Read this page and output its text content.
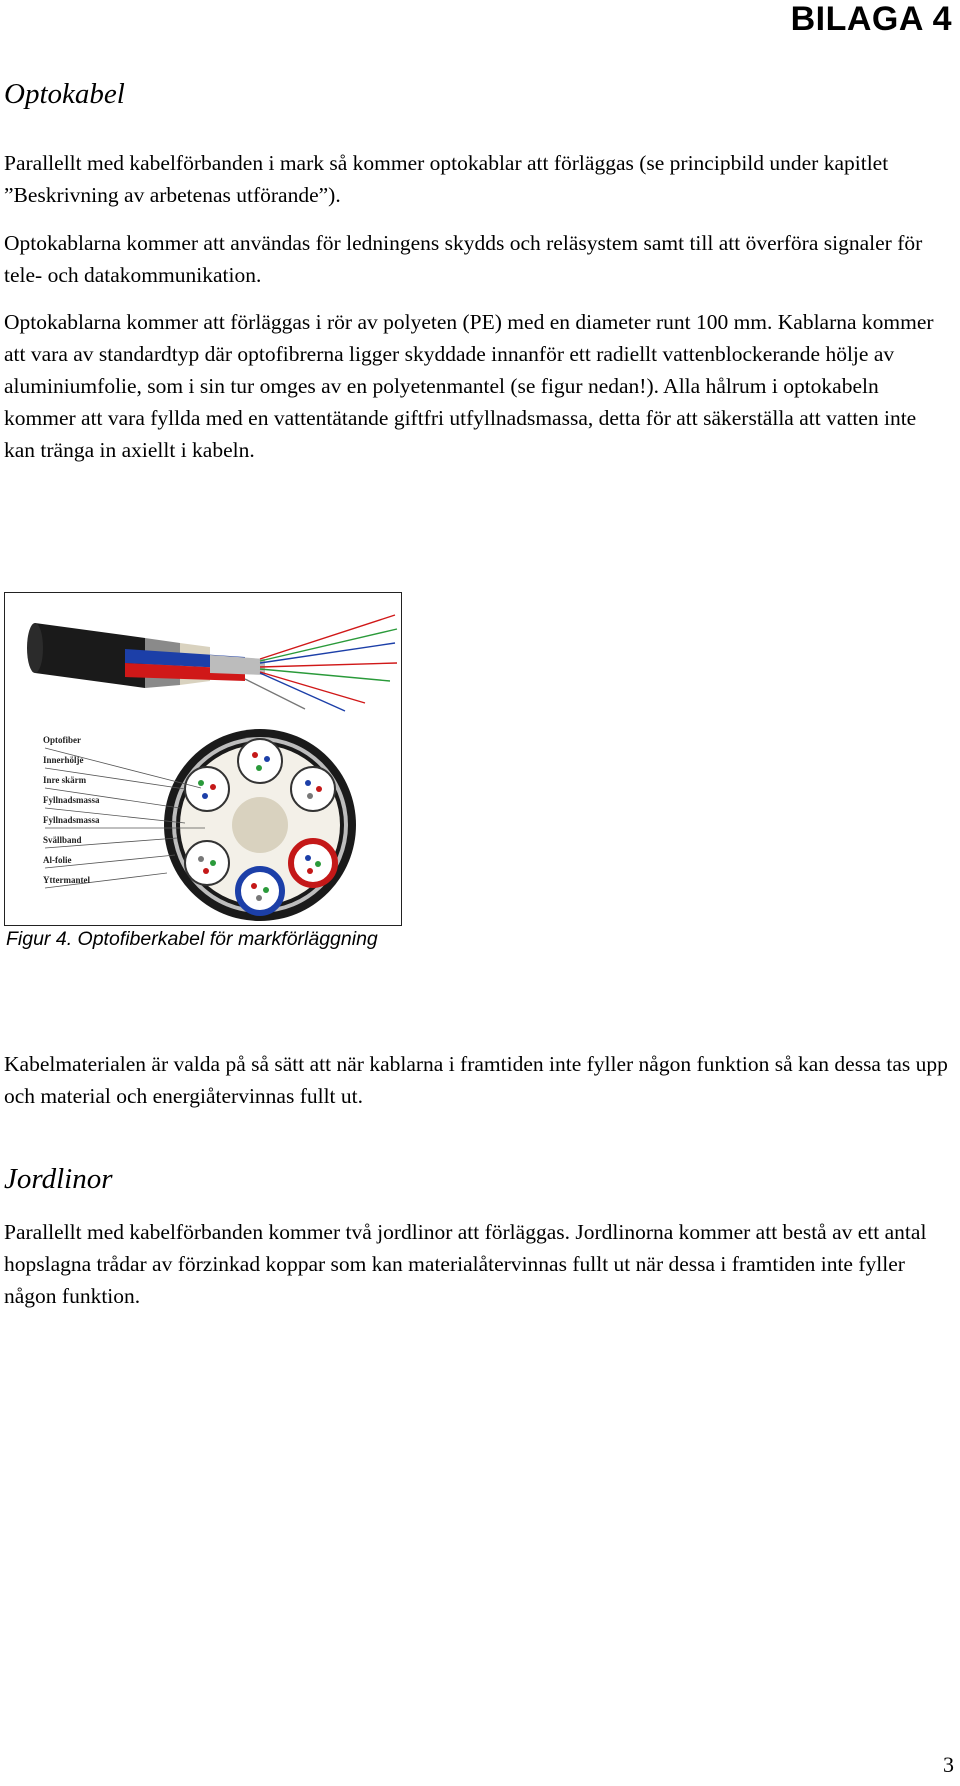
BILAGA 4
Optokabel

Parallellt med kabelförbanden i mark så kommer optokablar att förläggas (se principbild under kapitlet ”Beskrivning av arbetenas utförande”).

Optokablarna kommer att användas för ledningens skydds och reläsystem samt till att överföra signaler för tele- och datakommunikation.

Optokablarna kommer att förläggas i rör av polyeten (PE) med en diameter runt 100 mm. Kablarna kommer att vara av standardtyp där optofibrerna ligger skyddade innanför ett radiellt vattenblockerande hölje av aluminiumfolie, som i sin tur omges av en polyetenmantel (se figur nedan!). Alla hålrum i optokabeln kommer att vara fyllda med en vattentätande giftfri utfyllnadsmassa, detta för att säkerställa att vatten inte kan tränga in axiellt i kabeln.

Optofiber
Innerhölje
Inre skärm
Fyllnadsmassa
Fyllnadsmassa
Svällband
Al-folie
Yttermantel
Figur 4. Optofiberkabel för markförläggning

Kabelmaterialen är valda på så sätt att när kablarna i framtiden inte fyller någon funktion så kan dessa tas upp och material och energiåtervinnas fullt ut.

Jordlinor

Parallellt med kabelförbanden kommer två jordlinor att förläggas. Jordlinorna kommer att bestå av ett antal hopslagna trådar av förzinkad koppar som kan materialåtervinnas fullt ut när dessa i framtiden inte fyller någon funktion.

3
